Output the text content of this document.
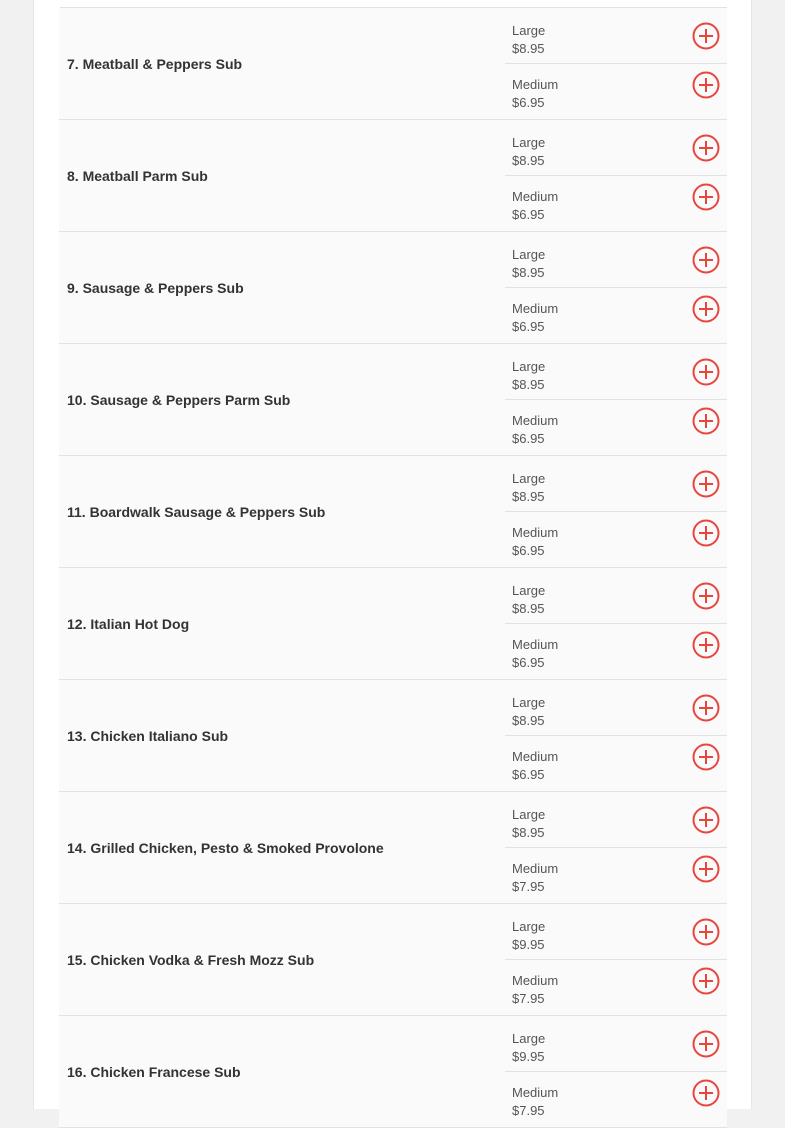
7. Meatball & Peppers Sub
Large
$8.95
Medium
$6.95
8. Meatball Parm Sub
Large
$8.95
Medium
$6.95
9. Sausage & Peppers Sub
Large
$8.95
Medium
$6.95
10. Sausage & Peppers Parm Sub
Large
$8.95
Medium
$6.95
11. Boardwalk Sausage & Peppers Sub
Large
$8.95
Medium
$6.95
12. Italian Hot Dog
Large
$8.95
Medium
$6.95
13. Chicken Italiano Sub
Large
$8.95
Medium
$6.95
14. Grilled Chicken, Pesto & Smoked Provolone
Large
$8.95
Medium
$7.95
15. Chicken Vodka & Fresh Mozz Sub
Large
$9.95
Medium
$7.95
16. Chicken Francese Sub
Large
$9.95
Medium
$7.95
